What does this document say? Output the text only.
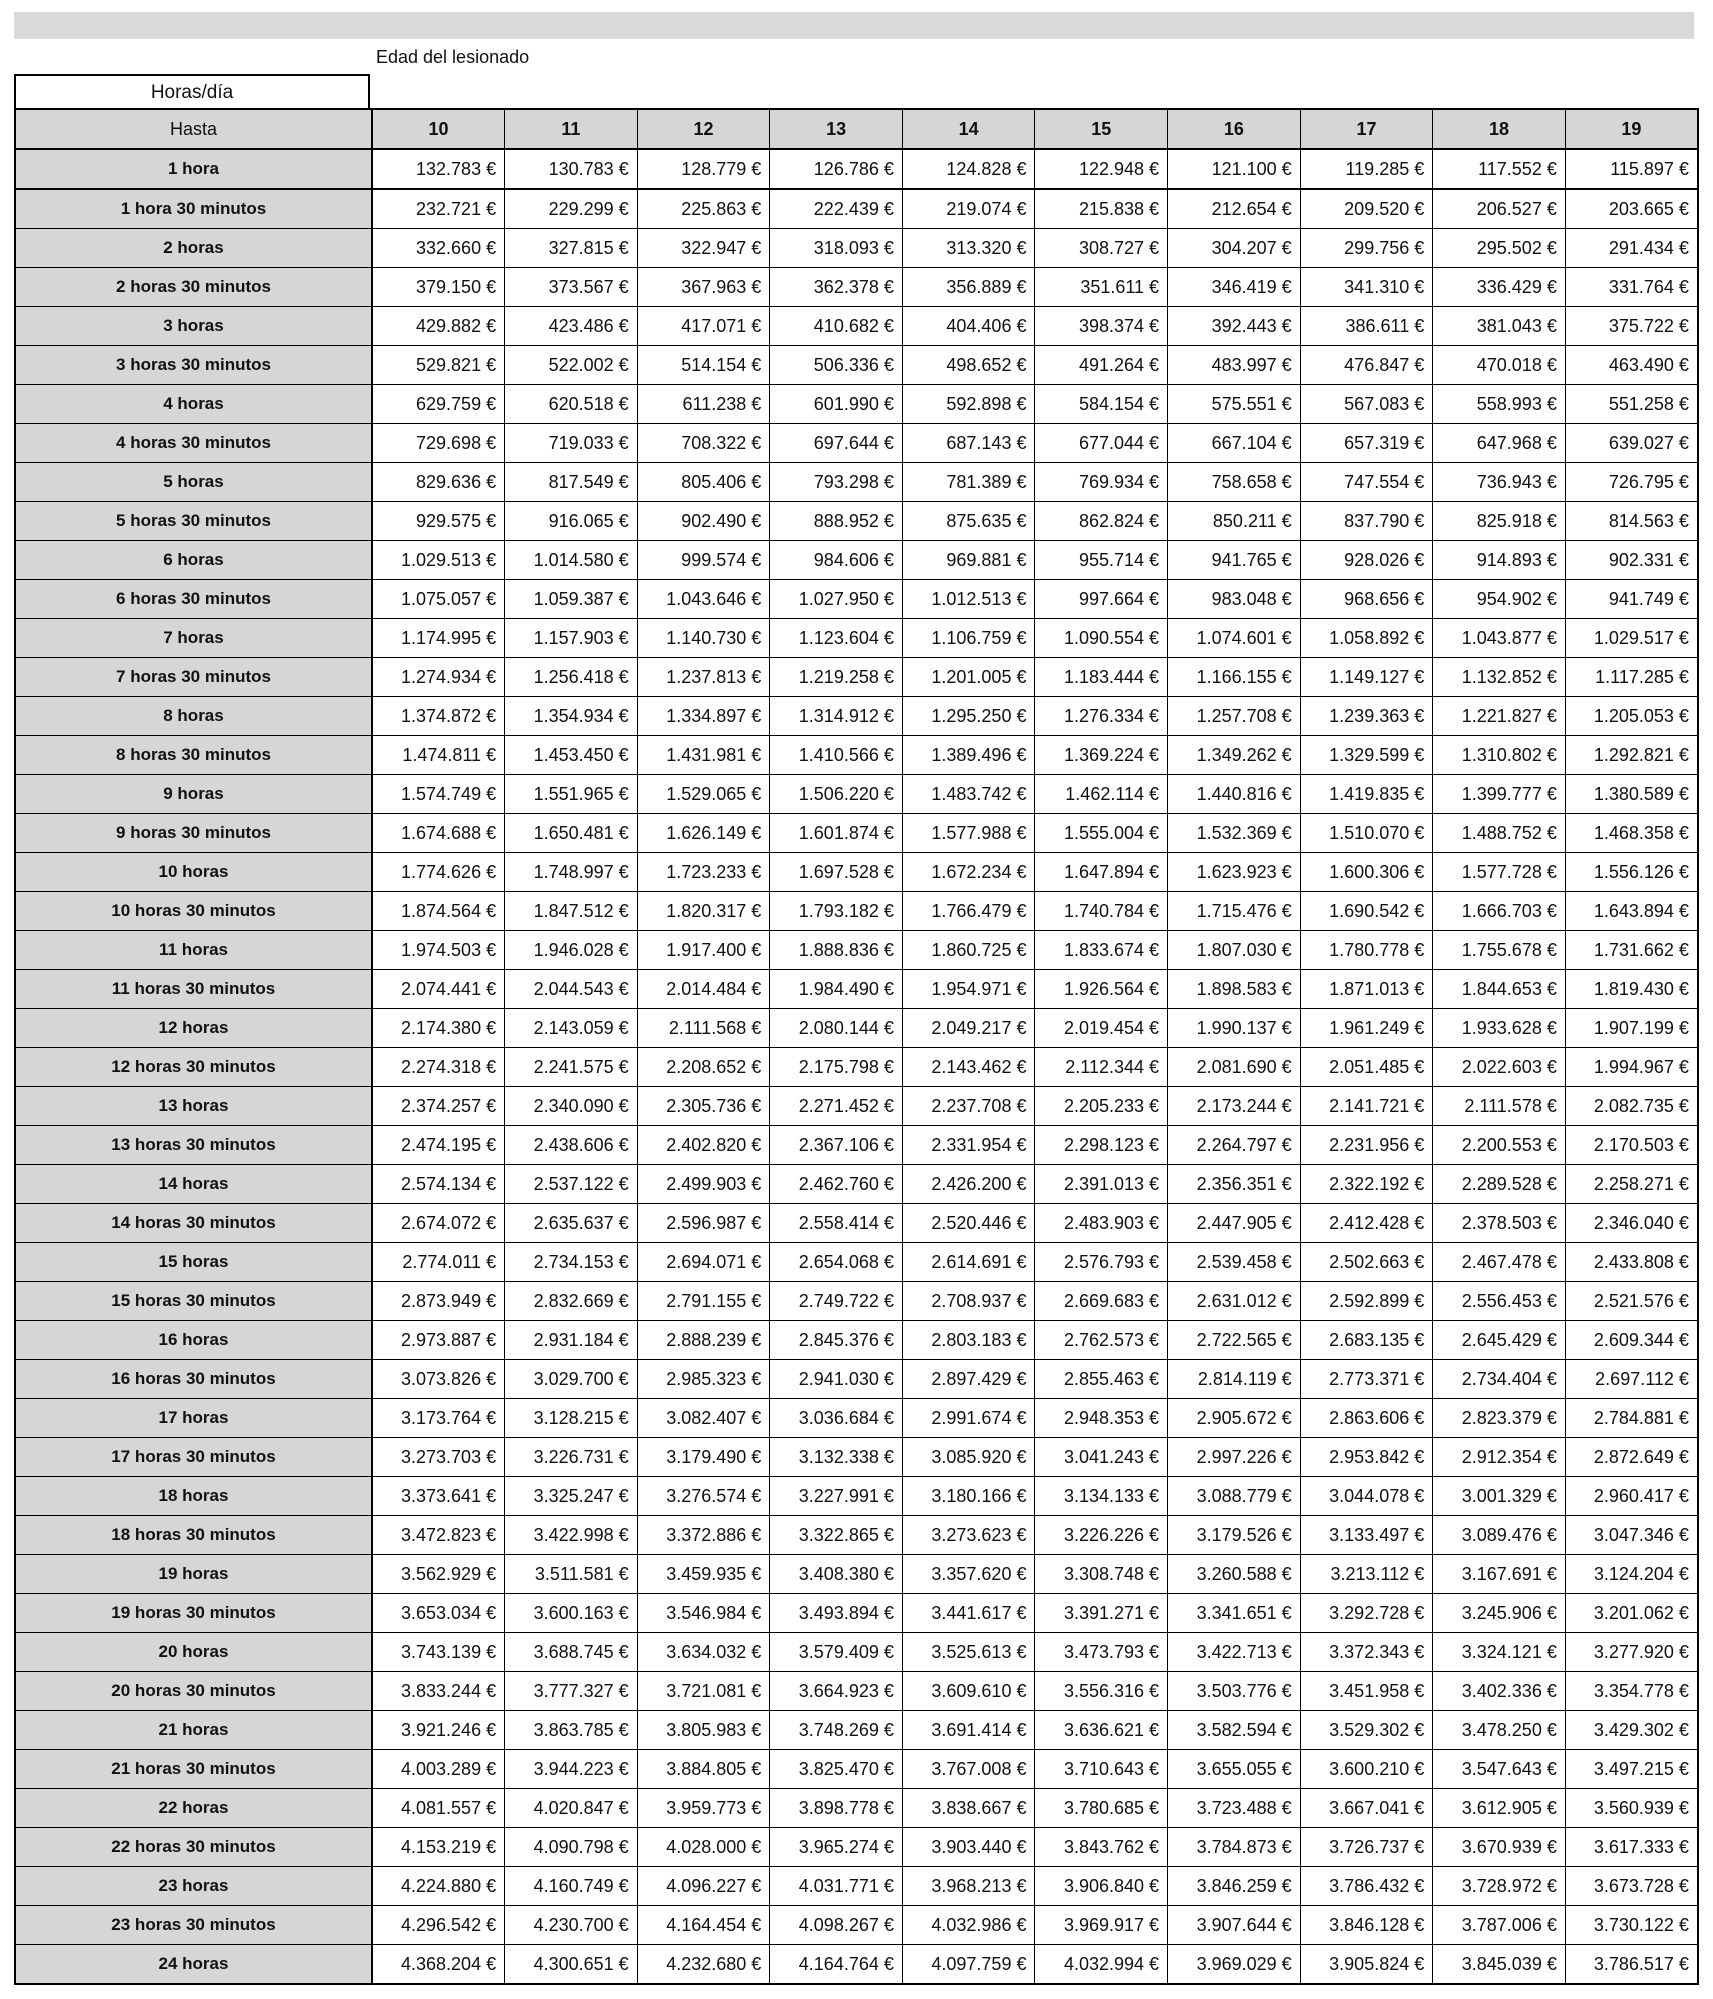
Edad del lesionado
Horas/día
Hasta	10	11	12	13	14	15	16	17	18	19
1 hora	132.783 €	130.783 €	128.779 €	126.786 €	124.828 €	122.948 €	121.100 €	119.285 €	117.552 €	115.897 €
1 hora 30 minutos	232.721 €	229.299 €	225.863 €	222.439 €	219.074 €	215.838 €	212.654 €	209.520 €	206.527 €	203.665 €
2 horas	332.660 €	327.815 €	322.947 €	318.093 €	313.320 €	308.727 €	304.207 €	299.756 €	295.502 €	291.434 €
2 horas 30 minutos	379.150 €	373.567 €	367.963 €	362.378 €	356.889 €	351.611 €	346.419 €	341.310 €	336.429 €	331.764 €
3 horas	429.882 €	423.486 €	417.071 €	410.682 €	404.406 €	398.374 €	392.443 €	386.611 €	381.043 €	375.722 €
3 horas 30 minutos	529.821 €	522.002 €	514.154 €	506.336 €	498.652 €	491.264 €	483.997 €	476.847 €	470.018 €	463.490 €
4 horas	629.759 €	620.518 €	611.238 €	601.990 €	592.898 €	584.154 €	575.551 €	567.083 €	558.993 €	551.258 €
4 horas 30 minutos	729.698 €	719.033 €	708.322 €	697.644 €	687.143 €	677.044 €	667.104 €	657.319 €	647.968 €	639.027 €
5 horas	829.636 €	817.549 €	805.406 €	793.298 €	781.389 €	769.934 €	758.658 €	747.554 €	736.943 €	726.795 €
5 horas 30 minutos	929.575 €	916.065 €	902.490 €	888.952 €	875.635 €	862.824 €	850.211 €	837.790 €	825.918 €	814.563 €
6 horas	1.029.513 €	1.014.580 €	999.574 €	984.606 €	969.881 €	955.714 €	941.765 €	928.026 €	914.893 €	902.331 €
6 horas 30 minutos	1.075.057 €	1.059.387 €	1.043.646 €	1.027.950 €	1.012.513 €	997.664 €	983.048 €	968.656 €	954.902 €	941.749 €
7 horas	1.174.995 €	1.157.903 €	1.140.730 €	1.123.604 €	1.106.759 €	1.090.554 €	1.074.601 €	1.058.892 €	1.043.877 €	1.029.517 €
7 horas 30 minutos	1.274.934 €	1.256.418 €	1.237.813 €	1.219.258 €	1.201.005 €	1.183.444 €	1.166.155 €	1.149.127 €	1.132.852 €	1.117.285 €
8 horas	1.374.872 €	1.354.934 €	1.334.897 €	1.314.912 €	1.295.250 €	1.276.334 €	1.257.708 €	1.239.363 €	1.221.827 €	1.205.053 €
8 horas 30 minutos	1.474.811 €	1.453.450 €	1.431.981 €	1.410.566 €	1.389.496 €	1.369.224 €	1.349.262 €	1.329.599 €	1.310.802 €	1.292.821 €
9 horas	1.574.749 €	1.551.965 €	1.529.065 €	1.506.220 €	1.483.742 €	1.462.114 €	1.440.816 €	1.419.835 €	1.399.777 €	1.380.589 €
9 horas 30 minutos	1.674.688 €	1.650.481 €	1.626.149 €	1.601.874 €	1.577.988 €	1.555.004 €	1.532.369 €	1.510.070 €	1.488.752 €	1.468.358 €
10 horas	1.774.626 €	1.748.997 €	1.723.233 €	1.697.528 €	1.672.234 €	1.647.894 €	1.623.923 €	1.600.306 €	1.577.728 €	1.556.126 €
10 horas 30 minutos	1.874.564 €	1.847.512 €	1.820.317 €	1.793.182 €	1.766.479 €	1.740.784 €	1.715.476 €	1.690.542 €	1.666.703 €	1.643.894 €
11 horas	1.974.503 €	1.946.028 €	1.917.400 €	1.888.836 €	1.860.725 €	1.833.674 €	1.807.030 €	1.780.778 €	1.755.678 €	1.731.662 €
11 horas 30 minutos	2.074.441 €	2.044.543 €	2.014.484 €	1.984.490 €	1.954.971 €	1.926.564 €	1.898.583 €	1.871.013 €	1.844.653 €	1.819.430 €
12 horas	2.174.380 €	2.143.059 €	2.111.568 €	2.080.144 €	2.049.217 €	2.019.454 €	1.990.137 €	1.961.249 €	1.933.628 €	1.907.199 €
12 horas 30 minutos	2.274.318 €	2.241.575 €	2.208.652 €	2.175.798 €	2.143.462 €	2.112.344 €	2.081.690 €	2.051.485 €	2.022.603 €	1.994.967 €
13 horas	2.374.257 €	2.340.090 €	2.305.736 €	2.271.452 €	2.237.708 €	2.205.233 €	2.173.244 €	2.141.721 €	2.111.578 €	2.082.735 €
13 horas 30 minutos	2.474.195 €	2.438.606 €	2.402.820 €	2.367.106 €	2.331.954 €	2.298.123 €	2.264.797 €	2.231.956 €	2.200.553 €	2.170.503 €
14 horas	2.574.134 €	2.537.122 €	2.499.903 €	2.462.760 €	2.426.200 €	2.391.013 €	2.356.351 €	2.322.192 €	2.289.528 €	2.258.271 €
14 horas 30 minutos	2.674.072 €	2.635.637 €	2.596.987 €	2.558.414 €	2.520.446 €	2.483.903 €	2.447.905 €	2.412.428 €	2.378.503 €	2.346.040 €
15 horas	2.774.011 €	2.734.153 €	2.694.071 €	2.654.068 €	2.614.691 €	2.576.793 €	2.539.458 €	2.502.663 €	2.467.478 €	2.433.808 €
15 horas 30 minutos	2.873.949 €	2.832.669 €	2.791.155 €	2.749.722 €	2.708.937 €	2.669.683 €	2.631.012 €	2.592.899 €	2.556.453 €	2.521.576 €
16 horas	2.973.887 €	2.931.184 €	2.888.239 €	2.845.376 €	2.803.183 €	2.762.573 €	2.722.565 €	2.683.135 €	2.645.429 €	2.609.344 €
16 horas 30 minutos	3.073.826 €	3.029.700 €	2.985.323 €	2.941.030 €	2.897.429 €	2.855.463 €	2.814.119 €	2.773.371 €	2.734.404 €	2.697.112 €
17 horas	3.173.764 €	3.128.215 €	3.082.407 €	3.036.684 €	2.991.674 €	2.948.353 €	2.905.672 €	2.863.606 €	2.823.379 €	2.784.881 €
17 horas 30 minutos	3.273.703 €	3.226.731 €	3.179.490 €	3.132.338 €	3.085.920 €	3.041.243 €	2.997.226 €	2.953.842 €	2.912.354 €	2.872.649 €
18 horas	3.373.641 €	3.325.247 €	3.276.574 €	3.227.991 €	3.180.166 €	3.134.133 €	3.088.779 €	3.044.078 €	3.001.329 €	2.960.417 €
18 horas 30 minutos	3.472.823 €	3.422.998 €	3.372.886 €	3.322.865 €	3.273.623 €	3.226.226 €	3.179.526 €	3.133.497 €	3.089.476 €	3.047.346 €
19 horas	3.562.929 €	3.511.581 €	3.459.935 €	3.408.380 €	3.357.620 €	3.308.748 €	3.260.588 €	3.213.112 €	3.167.691 €	3.124.204 €
19 horas 30 minutos	3.653.034 €	3.600.163 €	3.546.984 €	3.493.894 €	3.441.617 €	3.391.271 €	3.341.651 €	3.292.728 €	3.245.906 €	3.201.062 €
20 horas	3.743.139 €	3.688.745 €	3.634.032 €	3.579.409 €	3.525.613 €	3.473.793 €	3.422.713 €	3.372.343 €	3.324.121 €	3.277.920 €
20 horas 30 minutos	3.833.244 €	3.777.327 €	3.721.081 €	3.664.923 €	3.609.610 €	3.556.316 €	3.503.776 €	3.451.958 €	3.402.336 €	3.354.778 €
21 horas	3.921.246 €	3.863.785 €	3.805.983 €	3.748.269 €	3.691.414 €	3.636.621 €	3.582.594 €	3.529.302 €	3.478.250 €	3.429.302 €
21 horas 30 minutos	4.003.289 €	3.944.223 €	3.884.805 €	3.825.470 €	3.767.008 €	3.710.643 €	3.655.055 €	3.600.210 €	3.547.643 €	3.497.215 €
22 horas	4.081.557 €	4.020.847 €	3.959.773 €	3.898.778 €	3.838.667 €	3.780.685 €	3.723.488 €	3.667.041 €	3.612.905 €	3.560.939 €
22 horas 30 minutos	4.153.219 €	4.090.798 €	4.028.000 €	3.965.274 €	3.903.440 €	3.843.762 €	3.784.873 €	3.726.737 €	3.670.939 €	3.617.333 €
23 horas	4.224.880 €	4.160.749 €	4.096.227 €	4.031.771 €	3.968.213 €	3.906.840 €	3.846.259 €	3.786.432 €	3.728.972 €	3.673.728 €
23 horas 30 minutos	4.296.542 €	4.230.700 €	4.164.454 €	4.098.267 €	4.032.986 €	3.969.917 €	3.907.644 €	3.846.128 €	3.787.006 €	3.730.122 €
24 horas	4.368.204 €	4.300.651 €	4.232.680 €	4.164.764 €	4.097.759 €	4.032.994 €	3.969.029 €	3.905.824 €	3.845.039 €	3.786.517 €
